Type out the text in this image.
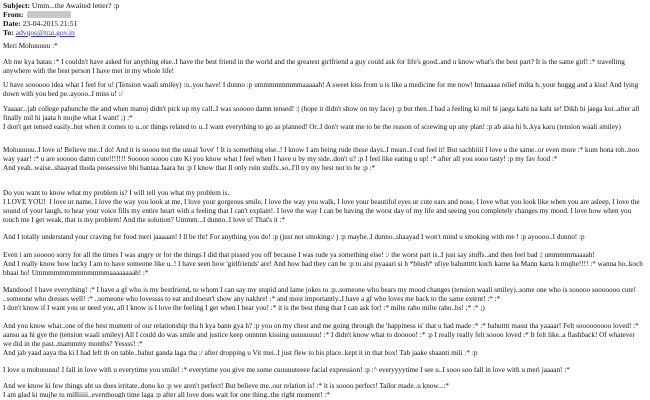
Subject: Umm...the Awaited letter? :p
From:
Date: 23-04-2015 21:51
To: advqos@trai.gov.in
Meri Mohuuuuu :*
Ab me kya batau :* I couldn't have asked for anything else..I have the best friend in the world and the greatest girlfriend a guy could ask for life's good..and u know what's the best part? It is the same girl! :* travelling anywhere with the best person I have met in my whole life!
U have soooooo idea what I feel for u! (Tension waali smiley) :o..you have! I dunno :p ummmmmmmmaaaaah! A sweet kiss from u is like a medicine for me now! Innaaaaa relief milta h..your huggg and a kiss! And lying down with you bed pe..ayooo..I miss u! :/
Yaaaar...jab college pahunche the and when manoj didn't pick up my call..I was sooooo damn tensed! :| (hope it didn't show on my face) :p but then..I had a feeling ki mil hi jaega kahi na kahi se! Dikh hi jaega koi..after all finally mil hi jaata h mujhe what I want! ;) :*
I don't get tensed easily..but when it comes to u..or things related to u..I want everything to go as planned! Or..I don't want me to be the reason of screwing up any plan! :p ab aisa hi h..kya karu (tension waali smiley)
Mohuuuuu..I love u! Believe me..I do! And it is soooo not the usual 'love' ! It is something else..! I know I am being rude these days..I mean..I cud feel it! But sachhiiii I love u the same..or even more :* kum hona toh..noo way yaar! :* u are sooooo damn cute!!!!!!! Sooooo soooo cute Ki you know what I feel when I have u by my side..don't u? :p I feel like eating u up! :* after all you sooo tasty! :p my fav food :*
And yeah..waise..shaayad thoda possessive bhi bantaa Jaara hu :p I know that Il only ruin stuffs..so..I'll try my best not to be :p :*
Do you want to know what my problem is? I will tell you what my problem is..
I LOVE YOU!  I love ur name, I love the way you look at me, I love your gorgeous smile, I love the way you walk, I love your beautiful eyes ur cute ears and nose, I love what you look like when you are asleep, I love the sound of your laugh, to hear your voice fills my entire heart with a feeling that I can't explain!. I love the way I can be having the worst day of my life and seeing you completely changes my mood. I love how when you touch me I get weak, that is my problem! And the solution? Ummm...I dunno..I love u! That's it :*
And I totally understand your craving for food meri jaaaaan! I ll be thr! For anything you do! :p (just not smoking:/ ) :p maybe..I dunno..shaayad I won't mind u smoking with me ! :p ayoooo..I dunno! :p
Even i am sooooo sorry for all the times I was angry or for the things I did that pissed you off because I was rude ya something else! :/ the worst part is..I just say stuffs..and then feel bad :| ummmmmaaaah!
And I really know how lucky I am to have someone like u..! I have seen how 'girlfriends' are! And how bad they can be :p tu aisi pyaaari si h *blush* ufiye bahutttttt kuch karne ka Mann karta h mujhe!!!! :* wanna ho..koch bhaai ho! Ummmmmmmmmmmmmaaaaaaaah! :*
Mandooo! I have everything! :* I have a gf who is my bestfriend, to whom I can say my stupid and lame jokes to :p..someone who bears my mood changes (tension waali smiley)..some one who is sooooo sooooooo cute! ..someone who dresses well! :* ..someone who lovessss to eat and doesn't show any nakhre! :* and most importantly..I have a gf who loves me back to the same extent! :* :*
I don't know if I want you or need you, all I know is I love the feeling I get when I hear you! :* it is the best thing that I can ask for! :* milte raho milte raho..bs! ;* :* ;)
And you know what..one of the best moment of our relationship tha h kya bann gya h? :p you on my chest and me going through the 'happiness is' that u had made :* :* bahutttt masst tha yaaaar! Felt sooooooooo loved! :* aansu aa hi gye the (tension waali smiley) All I could do was smile and justice keep onnnnn kissing uuuuuuuu! :* I didn't know what to dooooo! :* :p I really really felt soooo loved :* It felt like..a flashback! Of whatever we did in the past..mammmy months? Yessss! :*
And jab yaad aaya tha ki I had left th on table..bahut ganda laga tha :/ after dropping u Vit mei..I just flew to his place..kept it in that box! Tab jaake shaanti mili :* :p
I love u mohuuuuu! I fall in love with u everytime you smile! :* everytime you give me some cuuuuuteeee facial expression! :p :^ everyyyytime I see u..I sooo soo fall in love with u meri jaaaan! :*
And we know ki few things abt us does irritate..dono ko :p we aren't perfect! But believe me..our relation is! :* it is soooo perfect! Tailor made..u know...:*
I am glad ki mujhe tu milliiiii..eventhough time laga :p after all love does wait for one thing..the right moment! :*
